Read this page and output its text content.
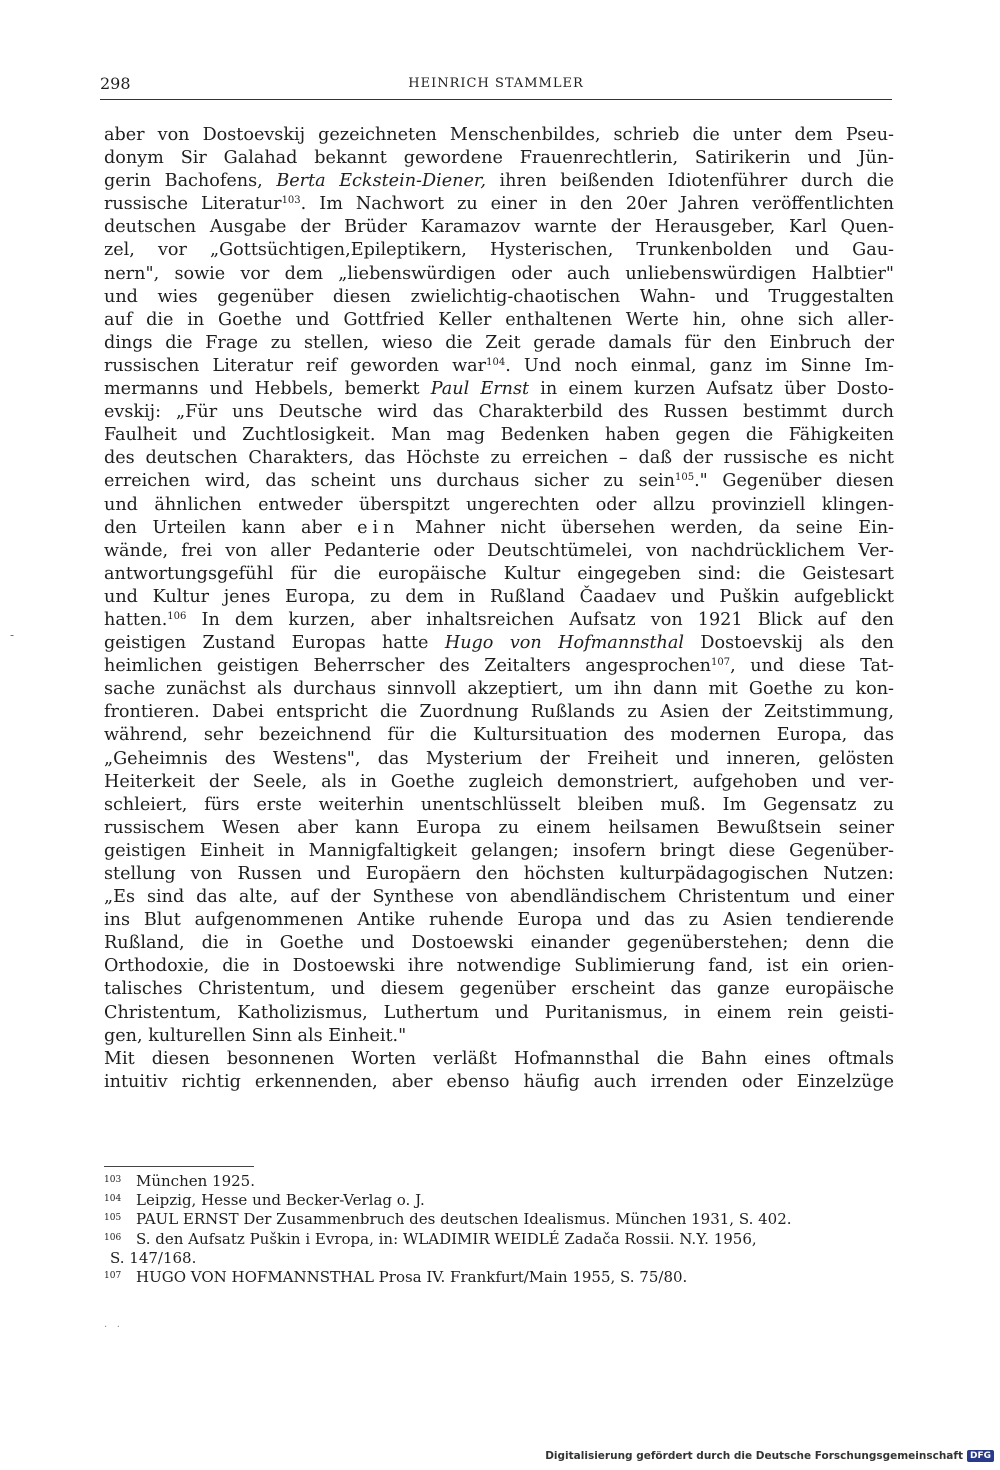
298	HEINRICH STAMMLER
-
aber von Dostoevskij gezeichneten Menschenbildes, schrieb die unter dem Pseu-
donym Sir Galahad bekannt gewordene Frauenrechtlerin, Satirikerin und Jün-
gerin Bachofens, Berta Eckstein-Diener, ihren beißenden Idiotenführer durch die
russische Literatur$^{103}$. Im Nachwort zu einer in den 20er Jahren veröffentlichten
deutschen Ausgabe der Brüder Karamazov warnte der Herausgeber, Karl Quen-
zel, vor „Gottsüchtigen,Epileptikern, Hysterischen, Trunkenbolden und Gau-
nern", sowie vor dem „liebenswürdigen oder auch unliebenswürdigen Halbtier"
und wies gegenüber diesen zwielichtig-chaotischen Wahn- und Truggestalten
auf die in Goethe und Gottfried Keller enthaltenen Werte hin, ohne sich aller-
dings die Frage zu stellen, wieso die Zeit gerade damals für den Einbruch der
russischen Literatur reif geworden war$^{104}$. Und noch einmal, ganz im Sinne Im-
mermanns und Hebbels, bemerkt Paul Ernst in einem kurzen Aufsatz über Dosto-
evskij: „Für uns Deutsche wird das Charakterbild des Russen bestimmt durch
Faulheit und Zuchtlosigkeit. Man mag Bedenken haben gegen die Fähigkeiten
des deutschen Charakters, das Höchste zu erreichen – daß der russische es nicht
erreichen wird, das scheint uns durchaus sicher zu sein$^{105}$." Gegenüber diesen
und ähnlichen entweder überspitzt ungerechten oder allzu provinziell klingen-
den Urteilen kann aber ein Mahner nicht übersehen werden, da seine Ein-
wände, frei von aller Pedanterie oder Deutschtümelei, von nachdrücklichem Ver-
antwortungsgefühl für die europäische Kultur eingegeben sind: die Geistesart
und Kultur jenes Europa, zu dem in Rußland Čaadaev und Puškin aufgeblickt
hatten.$^{106}$ In dem kurzen, aber inhaltsreichen Aufsatz von 1921 Blick auf den
geistigen Zustand Europas hatte Hugo von Hofmannsthal Dostoevskij als den
heimlichen geistigen Beherrscher des Zeitalters angesprochen$^{107}$, und diese Tat-
sache zunächst als durchaus sinnvoll akzeptiert, um ihn dann mit Goethe zu kon-
frontieren. Dabei entspricht die Zuordnung Rußlands zu Asien der Zeitstimmung,
während, sehr bezeichnend für die Kultursituation des modernen Europa, das
„Geheimnis des Westens", das Mysterium der Freiheit und inneren, gelösten
Heiterkeit der Seele, als in Goethe zugleich demonstriert, aufgehoben und ver-
schleiert, fürs erste weiterhin unentschlüsselt bleiben muß. Im Gegensatz zu
russischem Wesen aber kann Europa zu einem heilsamen Bewußtsein seiner
geistigen Einheit in Mannigfaltigkeit gelangen; insofern bringt diese Gegenüber-
stellung von Russen und Europäern den höchsten kulturpädagogischen Nutzen:
„Es sind das alte, auf der Synthese von abendländischem Christentum und einer
ins Blut aufgenommenen Antike ruhende Europa und das zu Asien tendierende
Rußland, die in Goethe und Dostoewski einander gegenüberstehen; denn die
Orthodoxie, die in Dostoewski ihre notwendige Sublimierung fand, ist ein orien-
talisches Christentum, und diesem gegenüber erscheint das ganze europäische
Christentum, Katholizismus, Luthertum und Puritanismus, in einem rein geisti-
gen, kulturellen Sinn als Einheit."
Mit diesen besonnenen Worten verläßt Hofmannsthal die Bahn eines oftmals
intuitiv richtig erkennenden, aber ebenso häufig auch irrenden oder Einzelzüge
103 München 1925.
104 Leipzig, Hesse und Becker-Verlag o. J.
105 PAUL ERNST Der Zusammenbruch des deutschen Idealismus. München 1931, S. 402.
106 S. den Aufsatz Puškin i Evropa, in: WLADIMIR WEIDLÉ Zadača Rossii. N.Y. 1956,
S. 147/168.
107 HUGO VON HOFMANNSTHAL Prosa IV. Frankfurt/Main 1955, S. 75/80.
·   ·
Digitalisierung gefördert durch die Deutsche Forschungsgemeinschaft DFG
